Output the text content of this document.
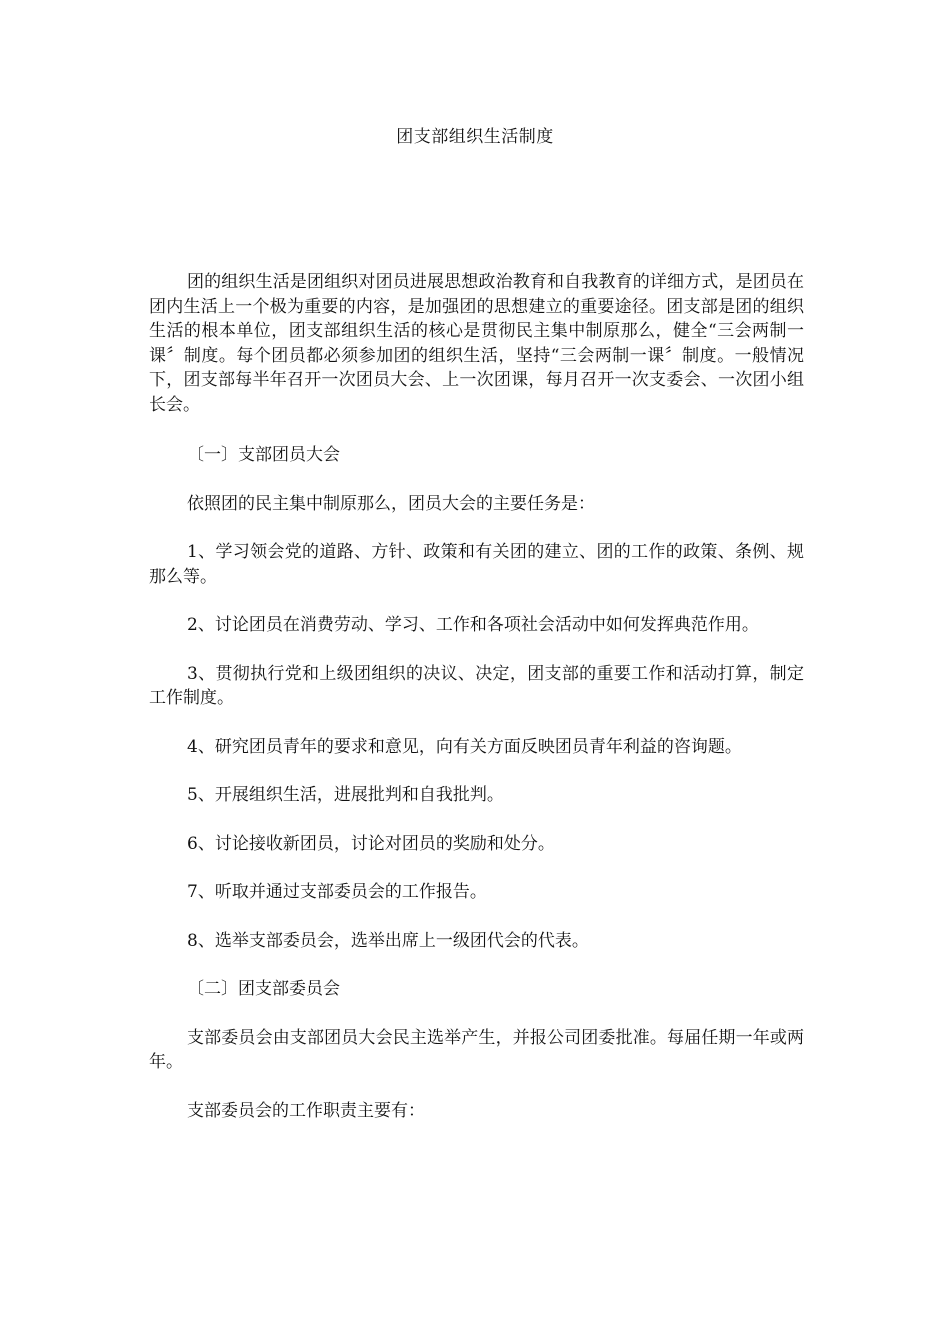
团支部组织生活制度

团的组织生活是团组织对团员进展思想政治教育和自我教育的详细方式，是团员在团内生活上一个极为重要的内容，是加强团的思想建立的重要途径。团支部是团的组织生活的根本单位，团支部组织生活的核心是贯彻民主集中制原那么，健全“三会两制一课〞制度。每个团员都必须参加团的组织生活，坚持“三会两制一课〞制度。一般情况下，团支部每半年召开一次团员大会、上一次团课，每月召开一次支委会、一次团小组长会。

〔一〕支部团员大会

依照团的民主集中制原那么，团员大会的主要任务是：

1、学习领会党的道路、方针、政策和有关团的建立、团的工作的政策、条例、规那么等。

2、讨论团员在消费劳动、学习、工作和各项社会活动中如何发挥典范作用。

3、贯彻执行党和上级团组织的决议、决定，团支部的重要工作和活动打算，制定工作制度。

4、研究团员青年的要求和意见，向有关方面反映团员青年利益的咨询题。

5、开展组织生活，进展批判和自我批判。

6、讨论接收新团员，讨论对团员的奖励和处分。

7、听取并通过支部委员会的工作报告。

8、选举支部委员会，选举出席上一级团代会的代表。

〔二〕团支部委员会

支部委员会由支部团员大会民主选举产生，并报公司团委批准。每届任期一年或两年。

支部委员会的工作职责主要有：
